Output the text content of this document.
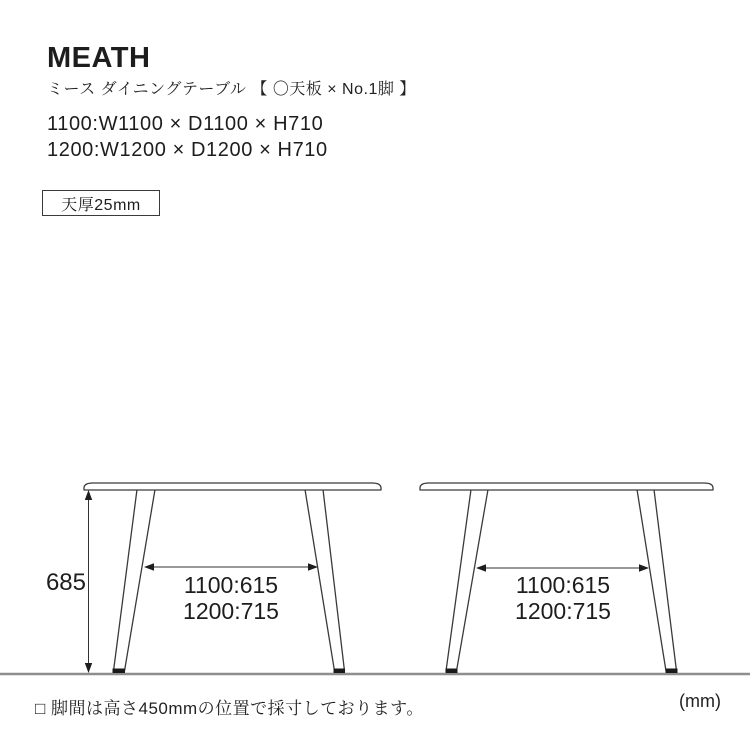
MEATH
ミース ダイニングテーブル 【 〇天板 × No.1脚 】
1100:W1100 × D1100 × H710
1200:W1200 × D1200 × H710
天厚25mm
685	1100:615
1200:715
1100:615
1200:715
□ 脚間は高さ450mmの位置で採寸しております。	(mm)
